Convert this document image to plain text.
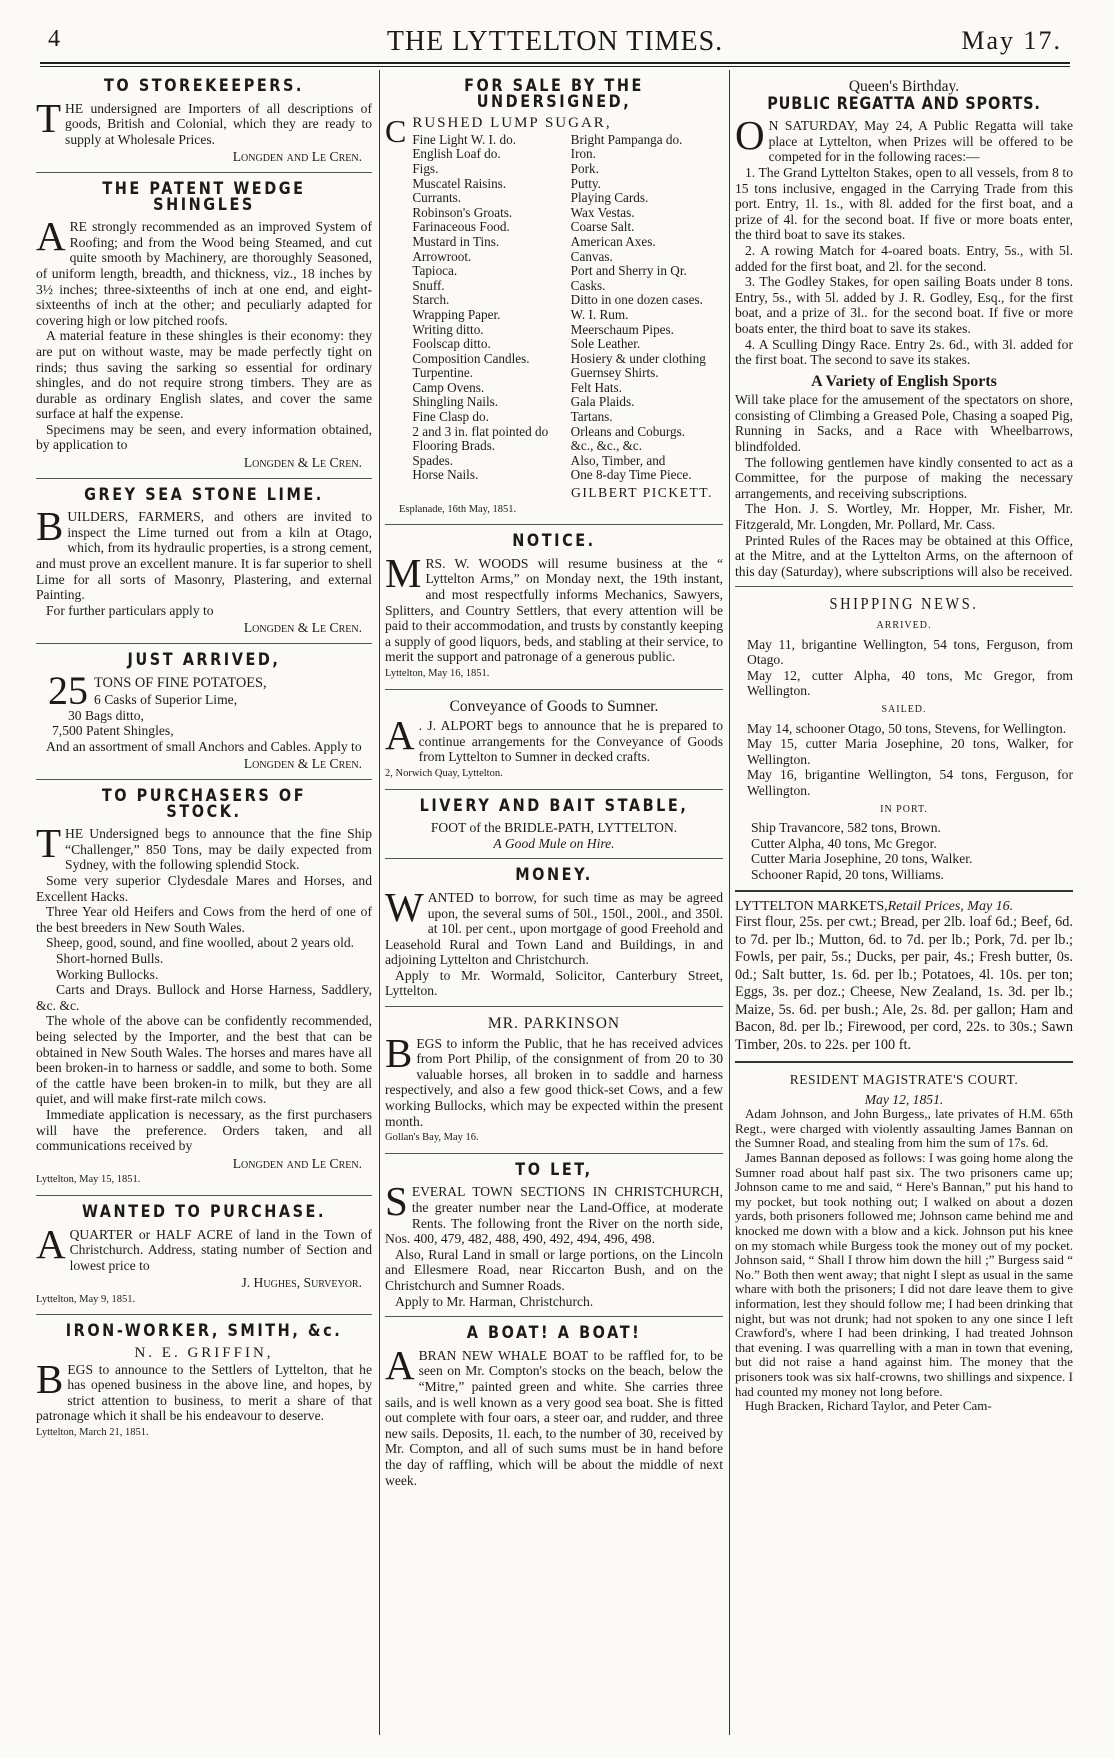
4	THE LYTTELTON TIMES.	May 17.
TO STOREKEEPERS.

THE undersigned are Importers of all descriptions of goods, British and Colonial, which they are ready to supply at Wholesale Prices.

Longden and Le Cren.
THE PATENT WEDGE SHINGLES

ARE strongly recommended as an improved System of Roofing; and from the Wood being Steamed, and cut quite smooth by Machinery, are thoroughly Seasoned, of uniform length, breadth, and thickness, viz., 18 inches by 3½ inches; three-sixteenths of inch at one end, and eight-sixteenths of inch at the other; and peculiarly adapted for covering high or low pitched roofs.

A material feature in these shingles is their economy: they are put on without waste, may be made perfectly tight on rinds; thus saving the sarking so essential for ordinary shingles, and do not require strong timbers. They are as durable as ordinary English slates, and cover the same surface at half the expense.

Specimens may be seen, and every information obtained, by application to

Longden & Le Cren.
GREY SEA STONE LIME.

BUILDERS, FARMERS, and others are invited to inspect the Lime turned out from a kiln at Otago, which, from its hydraulic properties, is a strong cement, and must prove an excellent manure. It is far superior to shell Lime for all sorts of Masonry, Plastering, and external Painting.

For further particulars apply to

Longden & Le Cren.
JUST ARRIVED,
25 TONS OF FINE POTATOES,
6 Casks of Superior Lime,
30 Bags ditto,
7,500 Patent Shingles,

And an assortment of small Anchors and Cables. Apply to

Longden & Le Cren.
TO PURCHASERS OF STOCK.

THE Undersigned begs to announce that the fine Ship “Challenger,” 850 Tons, may be daily expected from Sydney, with the following splendid Stock.

Some very superior Clydesdale Mares and Horses, and Excellent Hacks.

Three Year old Heifers and Cows from the herd of one of the best breeders in New South Wales.

Sheep, good, sound, and fine woolled, about 2 years old.

Short-horned Bulls.

Working Bullocks.

Carts and Drays. Bullock and Horse Harness, Saddlery, &c. &c.

The whole of the above can be confidently recommended, being selected by the Importer, and the best that can be obtained in New South Wales. The horses and mares have all been broken-in to harness or saddle, and some to both. Some of the cattle have been broken-in to milk, but they are all quiet, and will make first-rate milch cows.

Immediate application is necessary, as the first purchasers will have the preference. Orders taken, and all communications received by

Longden and Le Cren.
Lyttelton, May 15, 1851.
WANTED TO PURCHASE.

AQUARTER or HALF ACRE of land in the Town of Christchurch. Address, stating number of Section and lowest price to

J. Hughes, Surveyor.
Lyttelton, May 9, 1851.
IRON-WORKER, SMITH, &c.
N. E. GRIFFIN,

BEGS to announce to the Settlers of Lyttelton, that he has opened business in the above line, and hopes, by strict attention to business, to merit a share of that patronage which it shall be his endeavour to deserve.

Lyttelton, March 21, 1851.
FOR SALE BY THE UNDERSIGNED,
CRUSHED LUMP SUGAR,
Fine Light W. I. do.
English Loaf do.
Figs.
Muscatel Raisins.
Currants.
Robinson's Groats.
Farinaceous Food.
Mustard in Tins.
Arrowroot.
Tapioca.
Snuff.
Starch.
Wrapping Paper.
Writing ditto.
Foolscap ditto.
Composition Candles.
Turpentine.
Camp Ovens.
Shingling Nails.
Fine Clasp do.
2 and 3 in. flat pointed do
Flooring Brads.
Spades.
Horse Nails.
Bright Pampanga do.
Iron.
Pork.
Putty.
Playing Cards.
Wax Vestas.
Coarse Salt.
American Axes.
Canvas.
Port and Sherry in Qr.
Casks.
Ditto in one dozen cases.
W. I. Rum.
Meerschaum Pipes.
Sole Leather.
Hosiery & under clothing
Guernsey Shirts.
Felt Hats.
Gala Plaids.
Tartans.
Orleans and Coburgs.
&c., &c., &c.
Also, Timber, and
One 8-day Time Piece.
GILBERT PICKETT.
Esplanade, 16th May, 1851.
NOTICE.

MRS. W. WOODS will resume business at the “ Lyttelton Arms,” on Monday next, the 19th instant, and most respectfully informs Mechanics, Sawyers, Splitters, and Country Settlers, that every attention will be paid to their accommodation, and trusts by constantly keeping a supply of good liquors, beds, and stabling at their service, to merit the support and patronage of a generous public.

Lyttelton, May 16, 1851.
Conveyance of Goods to Sumner.

A . J. ALPORT begs to announce that he is prepared to continue arrangements for the Conveyance of Goods from Lyttelton to Sumner in decked crafts.

2, Norwich Quay, Lyttelton.
LIVERY AND BAIT STABLE,
FOOT of the BRIDLE-PATH, LYTTELTON.
A Good Mule on Hire.
MONEY.

WANTED to borrow, for such time as may be agreed upon, the several sums of 50l., 150l., 200l., and 350l. at 10l. per cent., upon mortgage of good Freehold and Leasehold Rural and Town Land and Buildings, in and adjoining Lyttelton and Christchurch.

Apply to Mr. Wormald, Solicitor, Canterbury Street, Lyttelton.

MR. PARKINSON

BEGS to inform the Public, that he has received advices from Port Philip, of the consignment of from 20 to 30 valuable horses, all broken in to saddle and harness respectively, and also a few good thick-set Cows, and a few working Bullocks, which may be expected within the present month.

Gollan's Bay, May 16.
TO LET,

SEVERAL TOWN SECTIONS IN CHRISTCHURCH, the greater number near the Land-Office, at moderate Rents. The following front the River on the north side, Nos. 400, 479, 482, 488, 490, 492, 494, 496, 498.

Also, Rural Land in small or large portions, on the Lincoln and Ellesmere Road, near Riccarton Bush, and on the Christchurch and Sumner Roads.

Apply to Mr. Harman, Christchurch.

A BOAT! A BOAT!

ABRAN NEW WHALE BOAT to be raffled for, to be seen on Mr. Compton's stocks on the beach, below the “Mitre,” painted green and white. She carries three sails, and is well known as a very good sea boat. She is fitted out complete with four oars, a steer oar, and rudder, and three new sails. Deposits, 1l. each, to the number of 30, received by Mr. Compton, and all of such sums must be in hand before the day of raffling, which will be about the middle of next week.

Queen's Birthday.
PUBLIC REGATTA AND SPORTS.

O N SATURDAY, May 24, A Public Regatta will take place at Lyttelton, when Prizes will be offered to be competed for in the following races:—

1. The Grand Lyttelton Stakes, open to all vessels, from 8 to 15 tons inclusive, engaged in the Carrying Trade from this port. Entry, 1l. 1s., with 8l. added for the first boat, and a prize of 4l. for the second boat. If five or more boats enter, the third boat to save its stakes.

2. A rowing Match for 4-oared boats. Entry, 5s., with 5l. added for the first boat, and 2l. for the second.

3. The Godley Stakes, for open sailing Boats under 8 tons. Entry, 5s., with 5l. added by J. R. Godley, Esq., for the first boat, and a prize of 3l.. for the second boat. If five or more boats enter, the third boat to save its stakes.

4. A Sculling Dingy Race. Entry 2s. 6d., with 3l. added for the first boat. The second to save its stakes.

A Variety of English Sports

Will take place for the amusement of the spectators on shore, consisting of Climbing a Greased Pole, Chasing a soaped Pig, Running in Sacks, and a Race with Wheelbarrows, blindfolded.

The following gentlemen have kindly consented to act as a Committee, for the purpose of making the necessary arrangements, and receiving subscriptions.

The Hon. J. S. Wortley, Mr. Hopper, Mr. Fisher, Mr. Fitzgerald, Mr. Longden, Mr. Pollard, Mr. Cass.

Printed Rules of the Races may be obtained at this Office, at the Mitre, and at the Lyttelton Arms, on the afternoon of this day (Saturday), where subscriptions will also be received.

SHIPPING NEWS.
ARRIVED.
May 11, brigantine Wellington, 54 tons, Ferguson, from Otago.
May 12, cutter Alpha, 40 tons, Mc Gregor, from Wellington.
SAILED.
May 14, schooner Otago, 50 tons, Stevens, for Wellington.
May 15, cutter Maria Josephine, 20 tons, Walker, for Wellington.
May 16, brigantine Wellington, 54 tons, Ferguson, for Wellington.
IN PORT.
Ship Travancore, 582 tons, Brown.
Cutter Alpha, 40 tons, Mc Gregor.
Cutter Maria Josephine, 20 tons, Walker.
Schooner Rapid, 20 tons, Williams.
LYTTELTON MARKETS,Retail Prices, May 16.

First flour, 25s. per cwt.; Bread, per 2lb. loaf 6d.; Beef, 6d. to 7d. per lb.; Mutton, 6d. to 7d. per lb.; Pork, 7d. per lb.; Fowls, per pair, 5s.; Ducks, per pair, 4s.; Fresh butter, 0s. 0d.; Salt butter, 1s. 6d. per lb.; Potatoes, 4l. 10s. per ton; Eggs, 3s. per doz.; Cheese, New Zealand, 1s. 3d. per lb.; Maize, 5s. 6d. per bush.; Ale, 2s. 8d. per gallon; Ham and Bacon, 8d. per lb.; Firewood, per cord, 22s. to 30s.; Sawn Timber, 20s. to 22s. per 100 ft.

RESIDENT MAGISTRATE'S COURT.
May 12, 1851.

Adam Johnson, and John Burgess,, late privates of H.M. 65th Regt., were charged with violently assaulting James Bannan on the Sumner Road, and stealing from him the sum of 17s. 6d.

James Bannan deposed as follows: I was going home along the Sumner road about half past six. The two prisoners came up; Johnson came to me and said, “ Here's Bannan,” put his hand to my pocket, but took nothing out; I walked on about a dozen yards, both prisoners followed me; Johnson came behind me and knocked me down with a blow and a kick. Johnson put his knee on my stomach while Burgess took the money out of my pocket. Johnson said, “ Shall I throw him down the hill ;” Burgess said “ No.” Both then went away; that night I slept as usual in the same whare with both the prisoners; I did not dare leave them to give information, lest they should follow me; I had been drinking that night, but was not drunk; had not spoken to any one since I left Crawford's, where I had been drinking, I had treated Johnson that evening. I was quarrelling with a man in town that evening, but did not raise a hand against him. The money that the prisoners took was six half-crowns, two shillings and sixpence. I had counted my money not long before.

Hugh Bracken, Richard Taylor, and Peter Cam-
